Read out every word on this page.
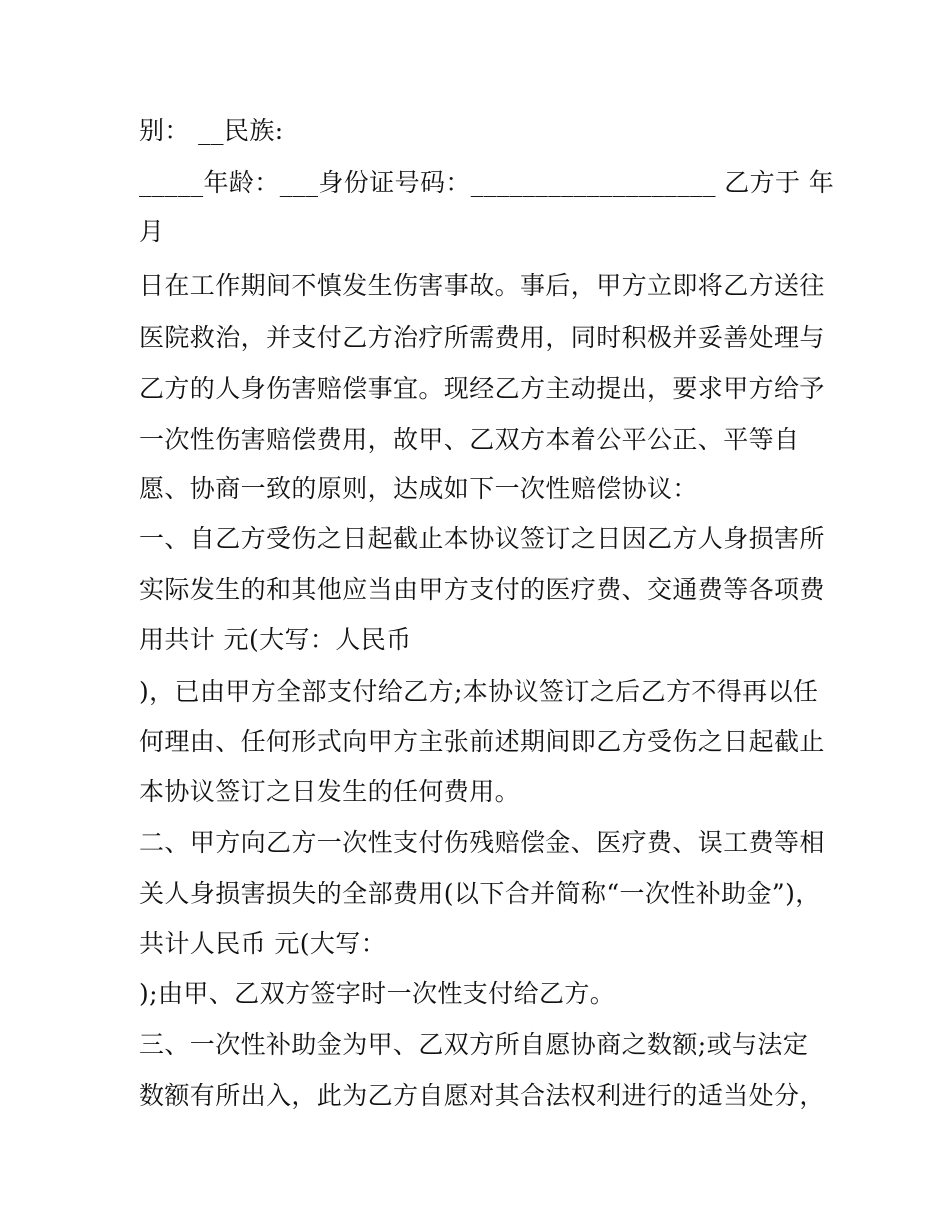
别： __民族:

_____年龄：___身份证号码：___________________ 乙方于 年

月

日在工作期间不慎发生伤害事故。事后，甲方立即将乙方送往

医院救治，并支付乙方治疗所需费用，同时积极并妥善处理与

乙方的人身伤害赔偿事宜。现经乙方主动提出，要求甲方给予

一次性伤害赔偿费用，故甲、乙双方本着公平公正、平等自

愿、协商一致的原则，达成如下一次性赔偿协议：

一、自乙方受伤之日起截止本协议签订之日因乙方人身损害所

实际发生的和其他应当由甲方支付的医疗费、交通费等各项费

用共计 元(大写：人民币

)，已由甲方全部支付给乙方;本协议签订之后乙方不得再以任

何理由、任何形式向甲方主张前述期间即乙方受伤之日起截止

本协议签订之日发生的任何费用。

二、甲方向乙方一次性支付伤残赔偿金、医疗费、误工费等相

关人身损害损失的全部费用(以下合并简称“一次性补助金”)，

共计人民币 元(大写：

);由甲、乙双方签字时一次性支付给乙方。

三、一次性补助金为甲、乙双方所自愿协商之数额;或与法定

数额有所出入，此为乙方自愿对其合法权利进行的适当处分，
